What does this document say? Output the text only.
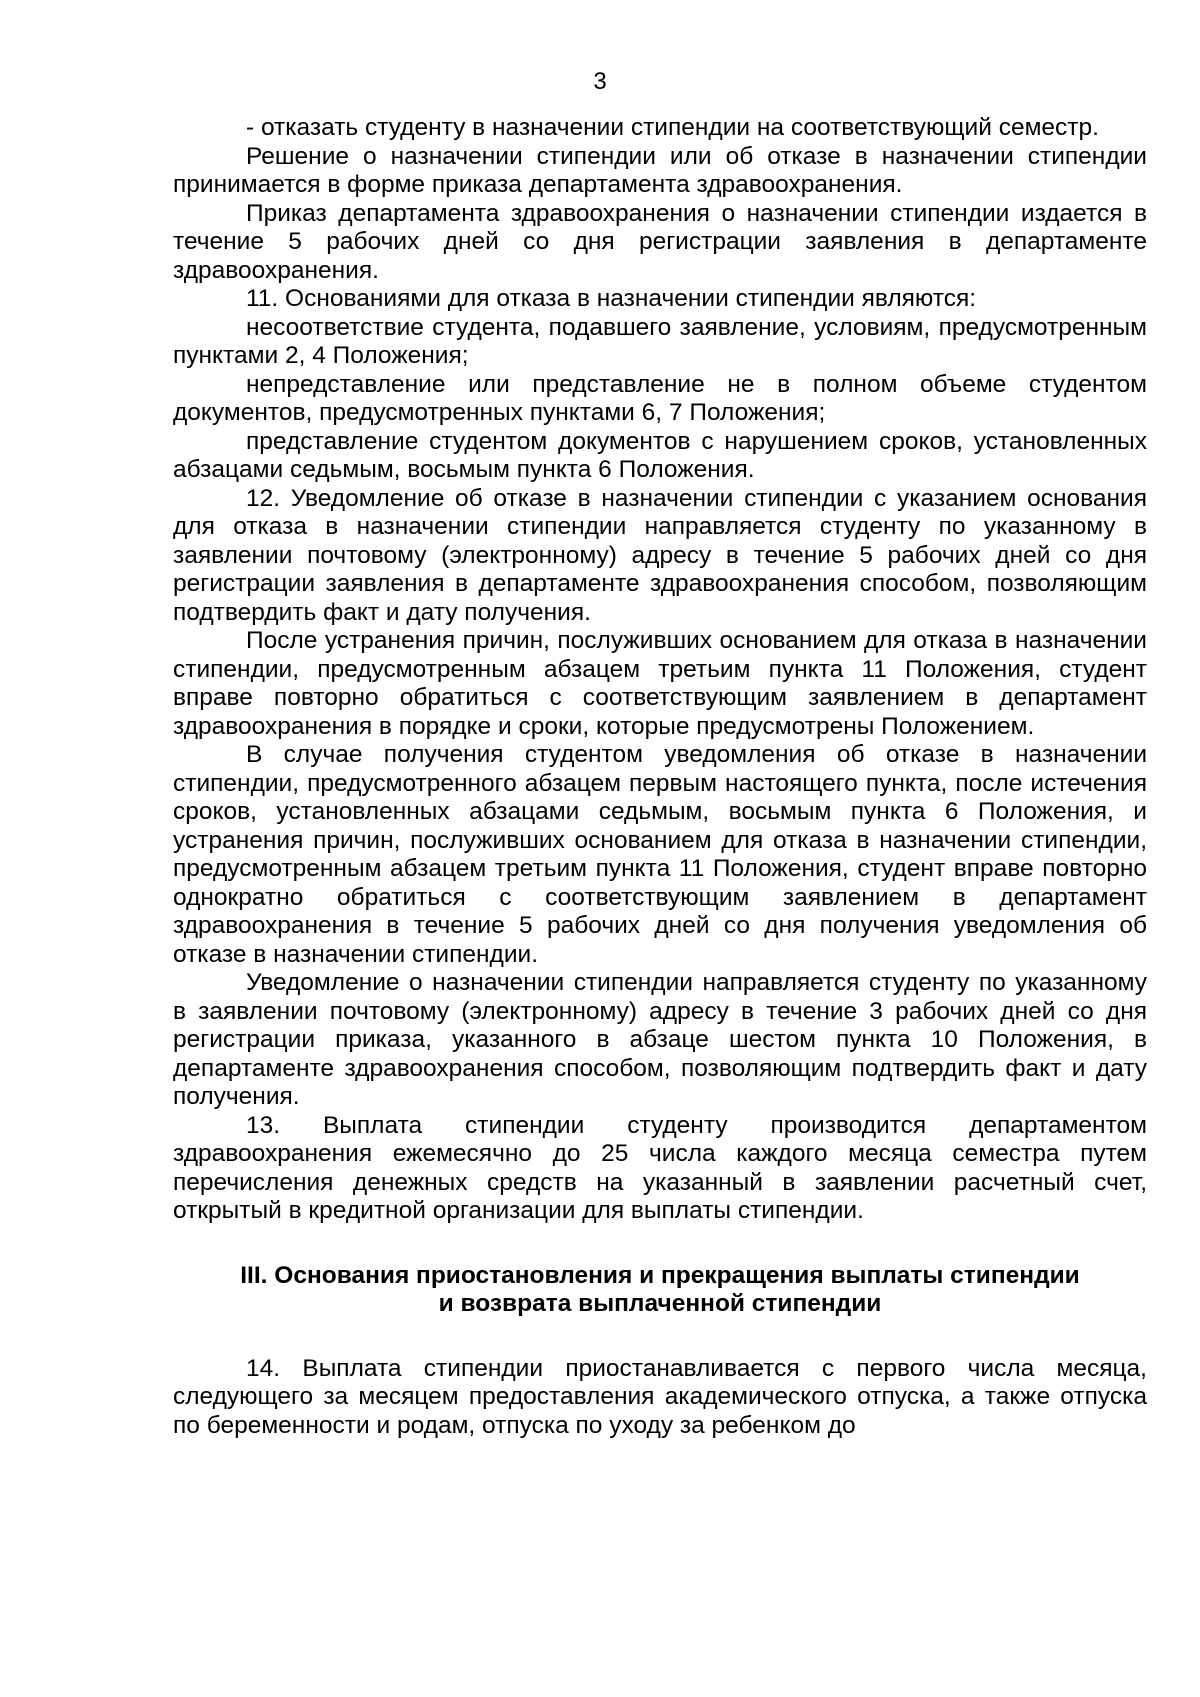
3

- отказать студенту в назначении стипендии на соответствующий семестр.

Решение о назначении стипендии или об отказе в назначении стипендии принимается в форме приказа департамента здравоохранения.

Приказ департамента здравоохранения о назначении стипендии издается в течение 5 рабочих дней со дня регистрации заявления в департаменте здравоохранения.

11. Основаниями для отказа в назначении стипендии являются:

несоответствие студента, подавшего заявление, условиям, предусмотренным пунктами 2, 4 Положения;

непредставление или представление не в полном объеме студентом документов, предусмотренных пунктами 6, 7 Положения;

представление студентом документов с нарушением сроков, установленных абзацами седьмым, восьмым пункта 6 Положения.

12. Уведомление об отказе в назначении стипендии с указанием основания для отказа в назначении стипендии направляется студенту по указанному в заявлении почтовому (электронному) адресу в течение 5 рабочих дней со дня регистрации заявления в департаменте здравоохранения способом, позволяющим подтвердить факт и дату получения.

После устранения причин, послуживших основанием для отказа в назначении стипендии, предусмотренным абзацем третьим пункта 11 Положения, студент вправе повторно обратиться с соответствующим заявлением в департамент здравоохранения в порядке и сроки, которые предусмотрены Положением.

В случае получения студентом уведомления об отказе в назначении стипендии, предусмотренного абзацем первым настоящего пункта, после истечения сроков, установленных абзацами седьмым, восьмым пункта 6 Положения, и устранения причин, послуживших основанием для отказа в назначении стипендии, предусмотренным абзацем третьим пункта 11 Положения, студент вправе повторно однократно обратиться с соответствующим заявлением в департамент здравоохранения в течение 5 рабочих дней со дня получения уведомления об отказе в назначении стипендии.

Уведомление о назначении стипендии направляется студенту по указанному в заявлении почтовому (электронному) адресу в течение 3 рабочих дней со дня регистрации приказа, указанного в абзаце шестом пункта 10 Положения, в департаменте здравоохранения способом, позволяющим подтвердить факт и дату получения.

13. Выплата стипендии студенту производится департаментом здравоохранения ежемесячно до 25 числа каждого месяца семестра путем перечисления денежных средств на указанный в заявлении расчетный счет, открытый в кредитной организации для выплаты стипендии.

III. Основания приостановления и прекращения выплаты стипендии
и возврата выплаченной стипендии

14. Выплата стипендии приостанавливается с первого числа месяца, следующего за месяцем предоставления академического отпуска, а также отпуска по беременности и родам, отпуска по уходу за ребенком до
